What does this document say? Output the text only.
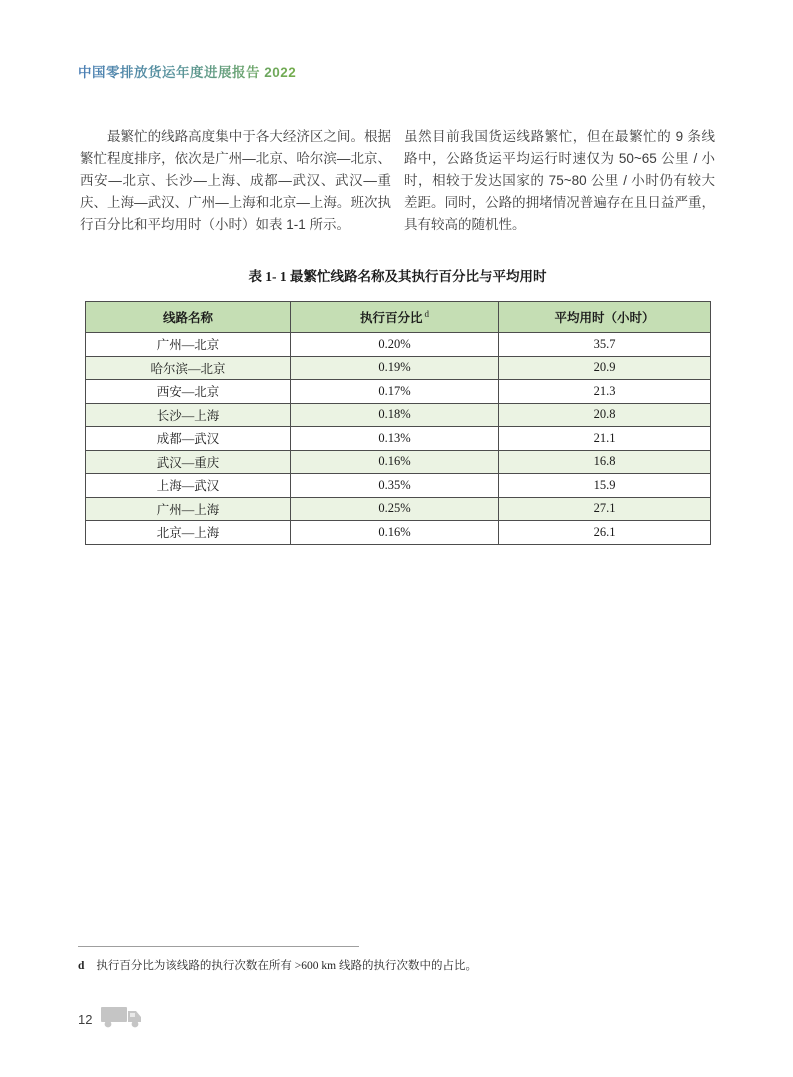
中国零排放货运年度进展报告 2022
最繁忙的线路高度集中于各大经济区之间。根据繁忙程度排序，依次是广州—北京、哈尔滨—北京、西安—北京、长沙—上海、成都—武汉、武汉—重庆、上海—武汉、广州—上海和北京—上海。班次执行百分比和平均用时（小时）如表 1-1 所示。
虽然目前我国货运线路繁忙，但在最繁忙的 9 条线路中，公路货运平均运行时速仅为 50~65 公里 / 小时，相较于发达国家的 75~80 公里 / 小时仍有较大差距。同时，公路的拥堵情况普遍存在且日益严重，具有较高的随机性。
表 1- 1 最繁忙线路名称及其执行百分比与平均用时
线路名称	执行百分比 $^d$	平均用时（小时）
广州—北京	0.20%	35.7
哈尔滨—北京	0.19%	20.9
西安—北京	0.17%	21.3
长沙—上海	0.18%	20.8
成都—武汉	0.13%	21.1
武汉—重庆	0.16%	16.8
上海—武汉	0.35%	15.9
广州—上海	0.25%	27.1
北京—上海	0.16%	26.1
d 执行百分比为该线路的执行次数在所有 >600 km 线路的执行次数中的占比。
12
